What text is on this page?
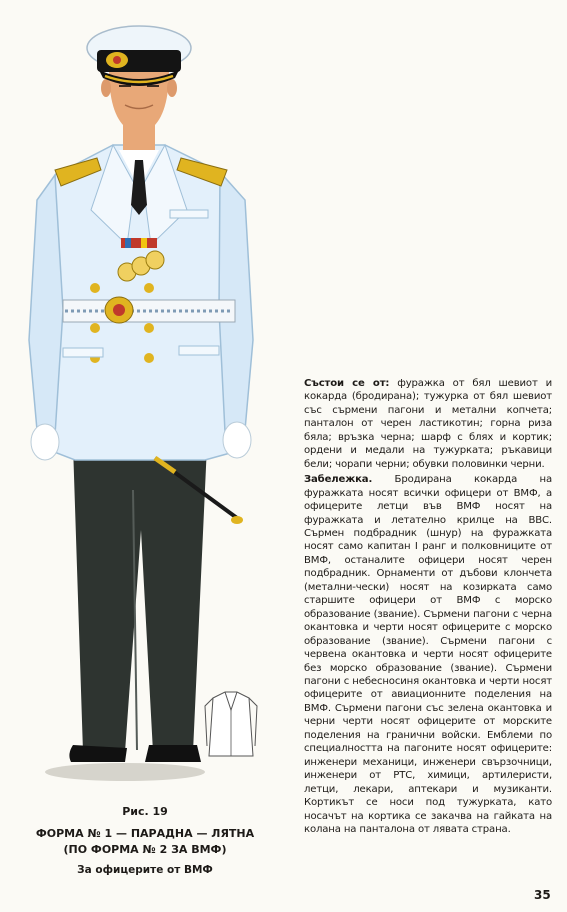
Рис. 19
ФОРМА № 1 — ПАРАДНА — ЛЯТНА
(ПО ФОРМА № 2 ЗА ВМФ)
За офицерите от ВМФ

Състои се от: фуражка от бял шевиот и кокарда (бродирана); тужурка от бял шевиот със сърмени пагони и метални копчета; панталон от черен ластикотин; горна риза бяла; връзка черна; шарф с блях и кортик; ордени и медали на тужурката; ръкавици бели; чорапи черни; обувки половинки черни.

Забележка. Бродирана кокарда на фуражката носят всички офицери от ВМФ, а офицерите летци във ВМФ носят на фуражката и летателно крилце на ВВС. Сърмен подбрадник (шнур) на фуражката носят само капитан I ранг и полковниците от ВМФ, останалите офицери носят черен подбрадник. Орнаменти от дъбови клончета (метални-чески) носят на козирката само старшите офицери от ВМФ с морско образование (звание). Сърмени пагони с черна окантовка и черти носят офицерите с морско образование (звание). Сърмени пагони с червена окантовка и черти носят офицерите без морско образование (звание). Сърмени пагони с небесносиня окантовка и черти носят офицерите от авиационните поделения на ВМФ. Сърмени пагони със зелена окантовка и черни черти носят офицерите от морските поделения на гранични войски. Емблеми по специалността на пагоните носят офицерите: инженери механици, инженери свързочници, инженери от РТС, химици, артилеристи, летци, лекари, аптекари и музиканти. Кортикът се носи под тужурката, като носачът на кортика се закачва на гайката на колана на панталона от лявата страна.

35
